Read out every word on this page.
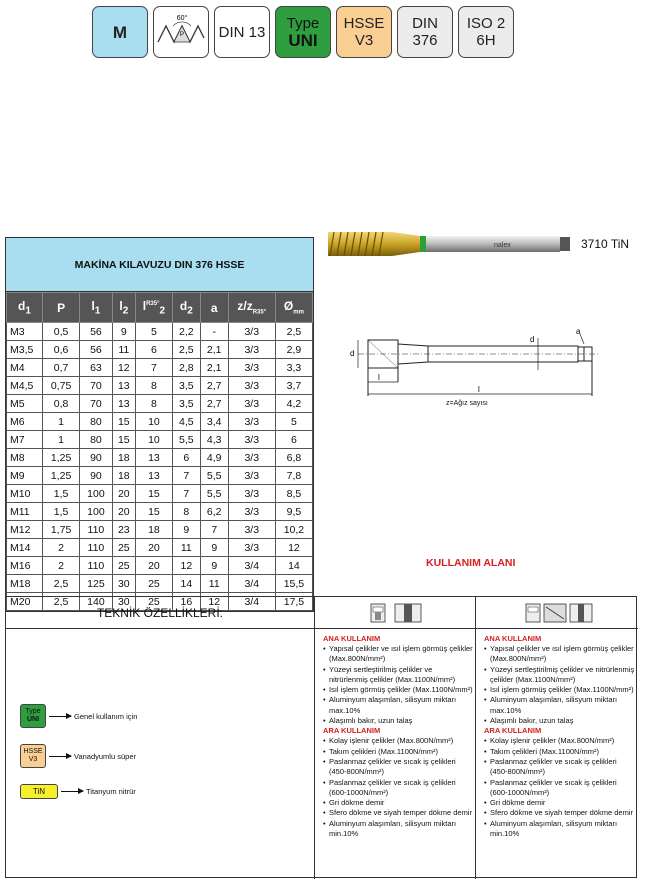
M
60°
P DIN 13 Type
UNI
HSSE
V3
DIN
376
ISO 2
6H
MAKİNA KILAVUZU DIN 376 HSSE
$d_1$	P	$l_1$	$l_2$	$l^{R35^\circ}_2$	$d_2$	a	$z/z_{R35^\circ}$	$Ø_{mm}$
M3	0,5	56	9	5	2,2	-	3/3	2,5
M3,5	0,6	56	11	6	2,5	2,1	3/3	2,9
M4	0,7	63	12	7	2,8	2,1	3/3	3,3
M4,5	0,75	70	13	8	3,5	2,7	3/3	3,7
M5	0,8	70	13	8	3,5	2,7	3/3	4,2
M6	1	80	15	10	4,5	3,4	3/3	5
M7	1	80	15	10	5,5	4,3	3/3	6
M8	1,25	90	18	13	6	4,9	3/3	6,8
M9	1,25	90	18	13	7	5,5	3/3	7,8
M10	1,5	100	20	15	7	5,5	3/3	8,5
M11	1,5	100	20	15	8	6,2	3/3	9,5
M12	1,75	110	23	18	9	7	3/3	10,2
M14	2	110	25	20	11	9	3/3	12
M16	2	110	25	20	12	9	3/4	14
M18	2,5	125	30	25	14	11	3/4	15,5
M20	2,5	140	30	25	16	12	3/4	17,5
3710 TiN
nalex
d
d
l
l
a
z=Ağız sayısı
KULLANIM ALANI
TEKNİK ÖZELLİKLERİ:
Type
UNI	Genel kullanım için
HSSE
V3	Vanadyumlu süper
TiN	Titanyum nitrür
ANA KULLANIM
• Yapısal çelikler ve ısıl işlem görmüş çelikler (Max.800N/mm²)
• Yüzeyi sertleştirilmiş çelikler ve nitrürlenmiş çelikler (Max.1100N/mm²)
• Isıl işlem görmüş çelikler (Max.1100N/mm²)
• Aluminyum alaşımları, silisyum miktarı max.10%
• Alaşımlı bakır, uzun talaş
ARA KULLANIM
• Kolay işlenir çelikler (Max.800N/mm²)
• Takım çelikleri (Max.1100N/mm²)
• Paslanmaz çelikler ve sıcak iş çelikleri (450-800N/mm²)
• Paslanmaz çelikler ve sıcak iş çelikleri (600-1000N/mm²)
• Gri dökme demir
• Sfero dökme ve siyah temper dökme demir
• Aluminyum alaşımları, silisyum miktarı min.10%
ANA KULLANIM
• Yapısal çelikler ve ısıl işlem görmüş çelikler (Max.800N/mm²)
• Yüzeyi sertleştirilmiş çelikler ve nitrürlenmiş çelikler (Max.1100N/mm²)
• Isıl işlem görmüş çelikler (Max.1100N/mm²)
• Aluminyum alaşımları, silisyum miktarı max.10%
• Alaşımlı bakır, uzun talaş
ARA KULLANIM
• Kolay işlenir çelikler (Max.800N/mm²)
• Takım çelikleri (Max.1100N/mm²)
• Paslanmaz çelikler ve sıcak iş çelikleri (450-800N/mm²)
• Paslanmaz çelikler ve sıcak iş çelikleri (600-1000N/mm²)
• Gri dökme demir
• Sfero dökme ve siyah temper dökme demir
• Aluminyum alaşımları, silisyum miktarı min.10%
